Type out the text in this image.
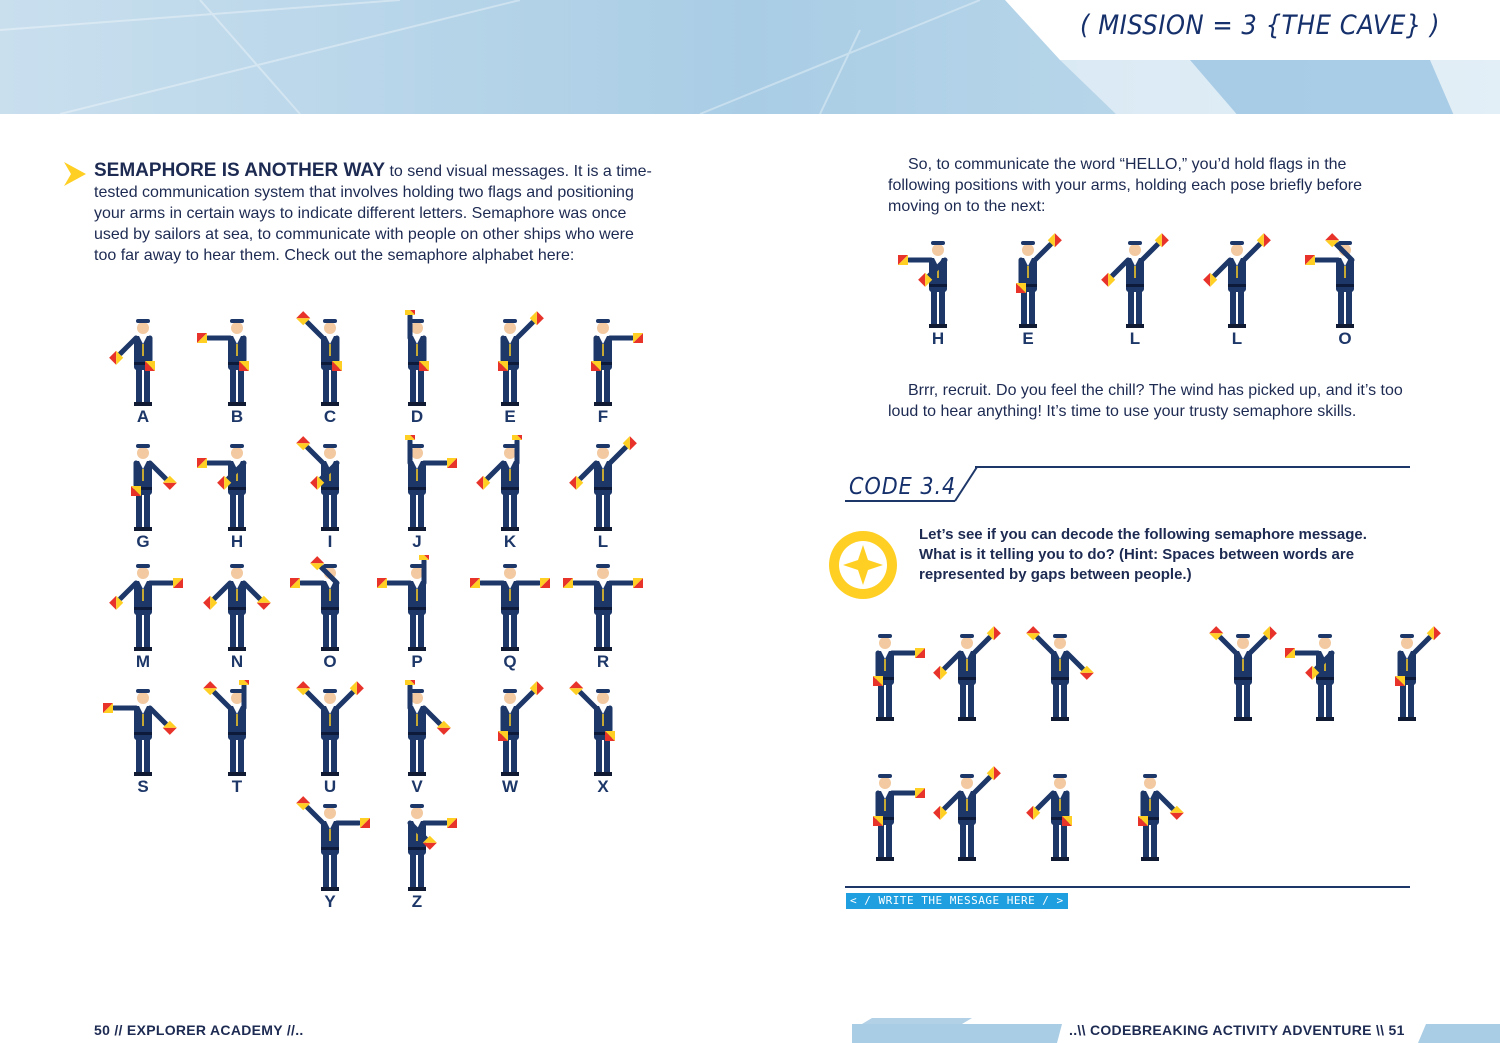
( MISSION = 3 {THE CAVE} )

SEMAPHORE IS ANOTHER WAY to send visual messages. It is a time-tested communication system that involves holding two flags and positioning your arms in certain ways to indicate different letters. Semaphore was once used by sailors at sea, to communicate with people on other ships who were too far away to hear them. Check out the semaphore alphabet here:

A	B	C	D	E	F
G	H	I	J	K	L
M	N	O	P	Q	R
S	T	U	V	W	X
Y	Z

So, to communicate the word “HELLO,” you’d hold flags in the following positions with your arms, holding each pose briefly before moving on to the next:

H	E	L	L	O

Brrr, recruit. Do you feel the chill? The wind has picked up, and it’s too loud to hear anything! It’s time to use your trusty semaphore skills.

CODE 3.4

Let’s see if you can decode the following semaphore message. What is it telling you to do? (Hint: Spaces between words are represented by gaps between people.)

< / WRITE THE MESSAGE HERE / >
50 // EXPLORER ACADEMY //..	..\\ CODEBREAKING ACTIVITY ADVENTURE \\ 51
